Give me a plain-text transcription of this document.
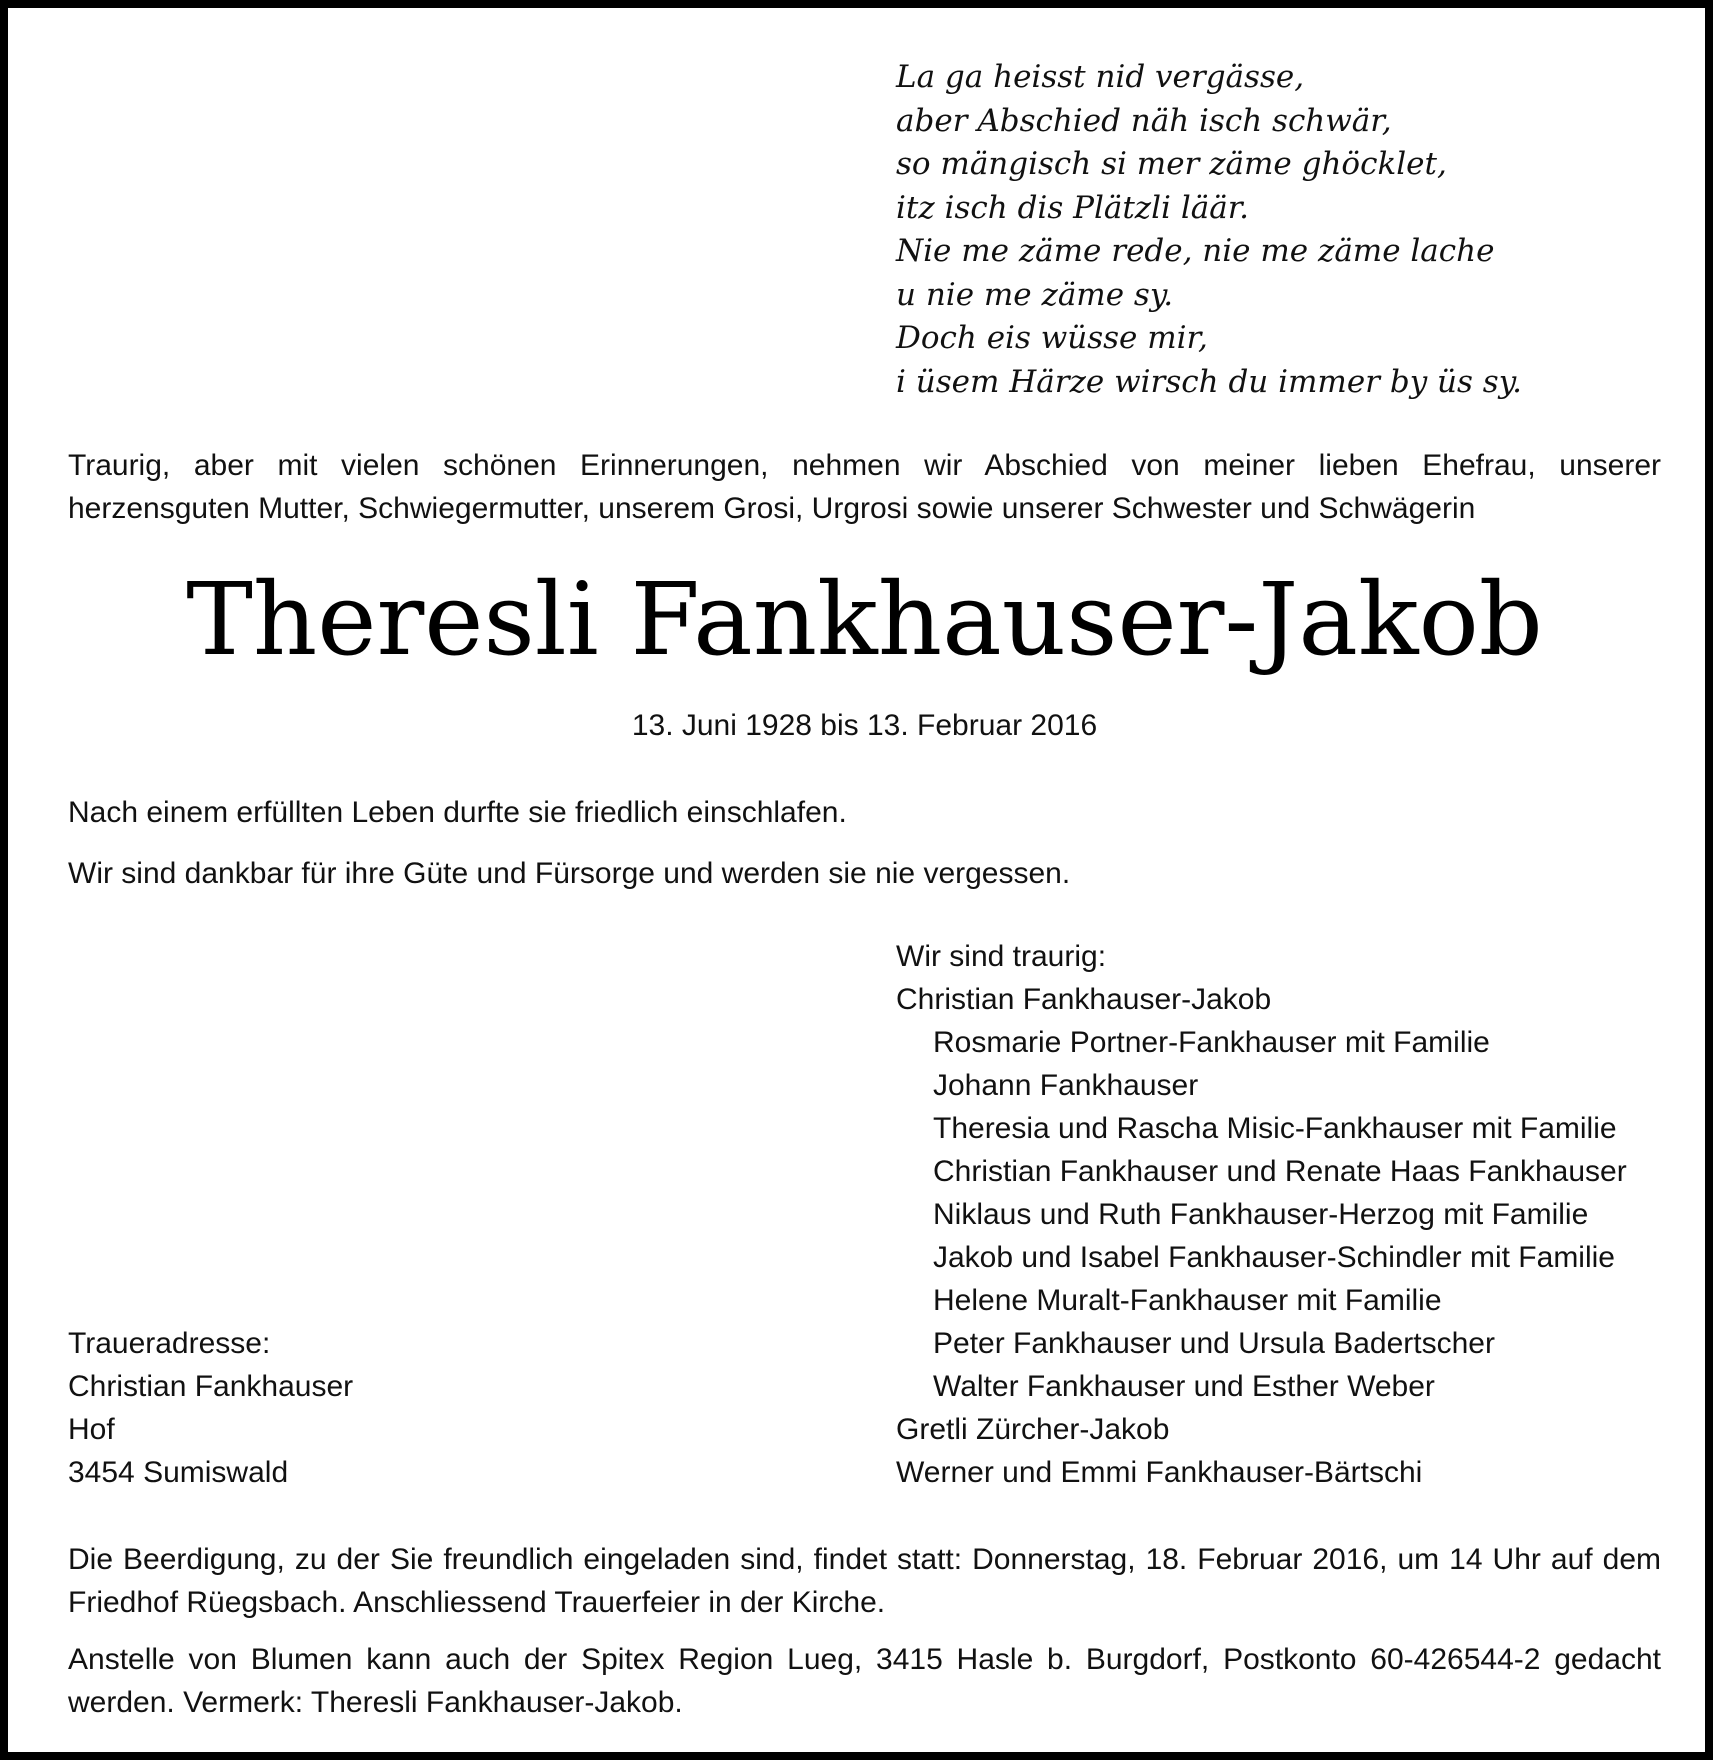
La ga heisst nid vergässe,
aber Abschied näh isch schwär,
so mängisch si mer zäme ghöcklet,
itz isch dis Plätzli läär.
Nie me zäme rede, nie me zäme lache
u nie me zäme sy.
Doch eis wüsse mir,
i üsem Härze wirsch du immer by üs sy.

Traurig, aber mit vielen schönen Erinnerungen, nehmen wir Abschied von meiner lieben Ehefrau, unserer

herzensguten Mutter, Schwiegermutter, unserem Grosi, Urgrosi sowie unserer Schwester und Schwägerin

Theresli Fankhauser-Jakob
13. Juni 1928 bis 13. Februar 2016

Nach einem erfüllten Leben durfte sie friedlich einschlafen.

Wir sind dankbar für ihre Güte und Fürsorge und werden sie nie vergessen.

Wir sind traurig:
Christian Fankhauser-Jakob
Rosmarie Portner-Fankhauser mit Familie
Johann Fankhauser
Theresia und Rascha Misic-Fankhauser mit Familie
Christian Fankhauser und Renate Haas Fankhauser
Niklaus und Ruth Fankhauser-Herzog mit Familie
Jakob und Isabel Fankhauser-Schindler mit Familie
Helene Muralt-Fankhauser mit Familie
Peter Fankhauser und Ursula Badertscher
Walter Fankhauser und Esther Weber
Gretli Zürcher-Jakob
Werner und Emmi Fankhauser-Bärtschi
Traueradresse:
Christian Fankhauser
Hof
3454 Sumiswald

Die Beerdigung, zu der Sie freundlich eingeladen sind, findet statt: Donnerstag, 18. Februar 2016, um 14 Uhr auf dem Friedhof Rüegsbach. Anschliessend Trauerfeier in der Kirche.

Anstelle von Blumen kann auch der Spitex Region Lueg, 3415 Hasle b. Burgdorf, Postkonto 60-426544-2 gedacht werden. Vermerk: Theresli Fankhauser-Jakob.
